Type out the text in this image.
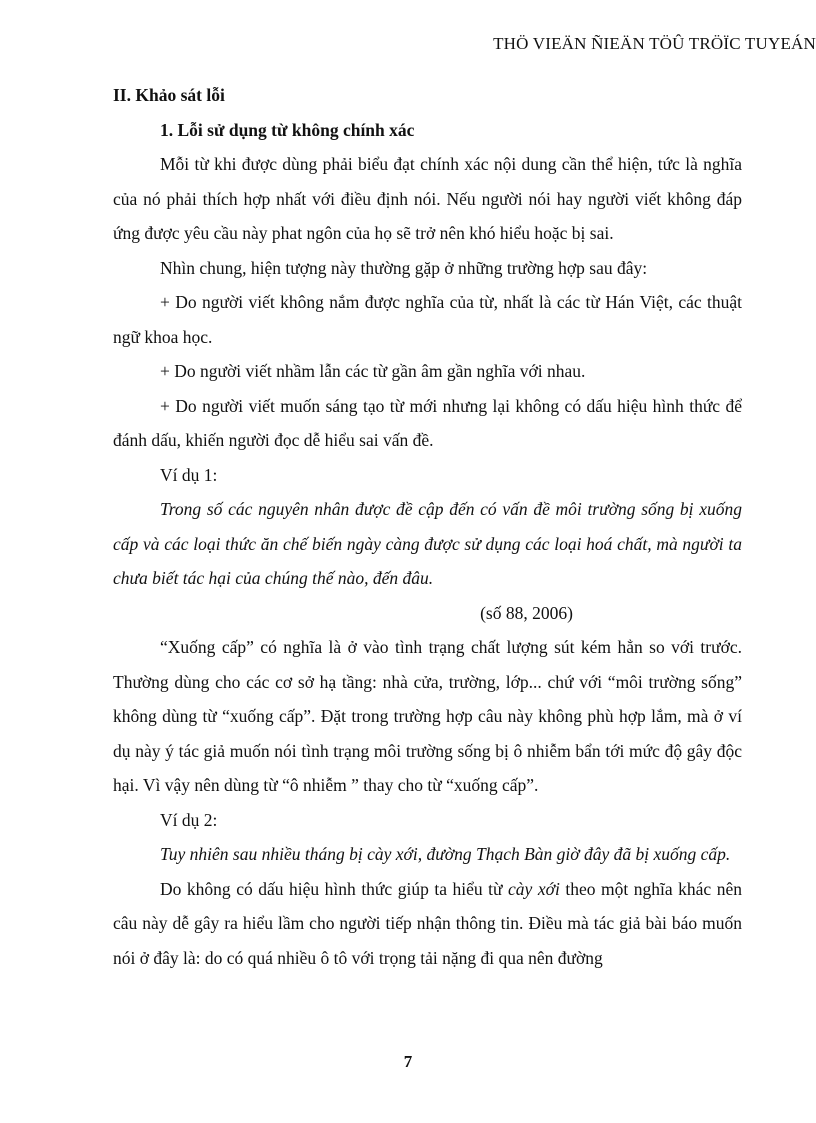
THÖ VIEÄN ÑIEÄN TÖÛ TRÖÏC TUYEÁN

II. Khảo sát lỗi

1. Lỗi sử dụng từ không chính xác

Mỗi từ khi được dùng phải biểu đạt chính xác nội dung cần thể hiện, tức là nghĩa của nó phải thích hợp nhất với điều định nói. Nếu người nói hay người viết không đáp ứng được yêu cầu này phat ngôn của họ sẽ trở nên khó hiểu hoặc bị sai.

Nhìn chung, hiện tượng này thường gặp ở những trường hợp sau đây:

+ Do người viết không nắm được nghĩa của từ, nhất là các từ Hán Việt, các thuật ngữ khoa học.

+ Do người viết nhầm lẫn các từ gần âm gần nghĩa với nhau.

+ Do người viết muốn sáng tạo từ mới nhưng lại không có dấu hiệu hình thức để đánh dấu, khiến người đọc dễ hiểu sai vấn đề.

Ví dụ 1:

Trong số các nguyên nhân được đề cập đến có vấn đề môi trường sống bị xuống cấp và các loại thức ăn chế biến ngày càng được sử dụng các loại hoá chất, mà người ta chưa biết tác hại của chúng thế nào, đến đâu.

(số 88, 2006)

“Xuống cấp” có nghĩa là ở vào tình trạng chất lượng sút kém hẳn so với trước. Thường dùng cho các cơ sở hạ tầng: nhà cửa, trường, lớp... chứ với “môi trường sống” không dùng từ “xuống cấp”. Đặt trong trường hợp câu này không phù hợp lắm, mà ở ví dụ này ý tác giả muốn nói tình trạng môi trường sống bị ô nhiễm bẩn tới mức độ gây độc hại. Vì vậy nên dùng từ “ô nhiễm ” thay cho từ “xuống cấp”.

Ví dụ 2:

Tuy nhiên sau nhiều tháng bị cày xới, đường Thạch Bàn giờ đây đã bị xuống cấp.

Do không có dấu hiệu hình thức giúp ta hiểu từ cày xới theo một nghĩa khác nên câu này dễ gây ra hiểu lầm cho người tiếp nhận thông tin. Điều mà tác giả bài báo muốn nói ở đây là: do có quá nhiều ô tô với trọng tải nặng đi qua nên đường

7
